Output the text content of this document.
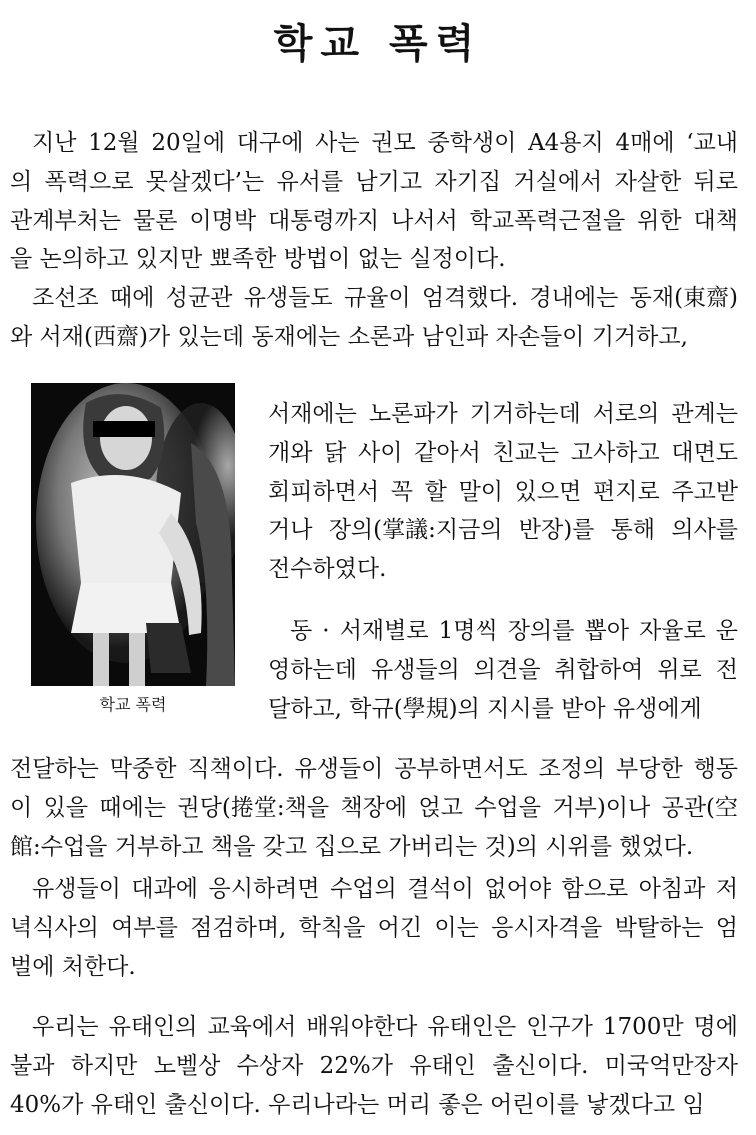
학교 폭력
지난 12월 20일에 대구에 사는 권모 중학생이 A4용지 4매에 ‘교내
의 폭력으로 못살겠다’는 유서를 남기고 자기집 거실에서 자살한 뒤로
관계부처는 물론 이명박 대통령까지 나서서 학교폭력근절을 위한 대책
을 논의하고 있지만 뾰족한 방법이 없는 실정이다.
조선조 때에 성균관 유생들도 규율이 엄격했다. 경내에는 동재(東齋)
와 서재(西齋)가 있는데 동재에는 소론과 남인파 자손들이 기거하고,
학교 폭력
서재에는 노론파가 기거하는데 서로의 관계는
개와 닭 사이 같아서 친교는 고사하고 대면도
회피하면서 꼭 할 말이 있으면 편지로 주고받
거나 장의(掌議:지금의 반장)를 통해 의사를
전수하였다.
동 · 서재별로 1명씩 장의를 뽑아 자율로 운
영하는데 유생들의 의견을 취합하여 위로 전
달하고, 학규(學規)의 지시를 받아 유생에게
전달하는 막중한 직책이다. 유생들이 공부하면서도 조정의 부당한 행동
이 있을 때에는 권당(捲堂:책을 책장에 얹고 수업을 거부)이나 공관(空
館:수업을 거부하고 책을 갖고 집으로 가버리는 것)의 시위를 했었다.
유생들이 대과에 응시하려면 수업의 결석이 없어야 함으로 아침과 저
녁식사의 여부를 점검하며, 학칙을 어긴 이는 응시자격을 박탈하는 엄
벌에 처한다.
우리는 유태인의 교육에서 배워야한다 유태인은 인구가 1700만 명에
불과 하지만 노벨상 수상자 22%가 유태인 출신이다. 미국억만장자
40%가 유태인 출신이다. 우리나라는 머리 좋은 어린이를 낳겠다고 임
